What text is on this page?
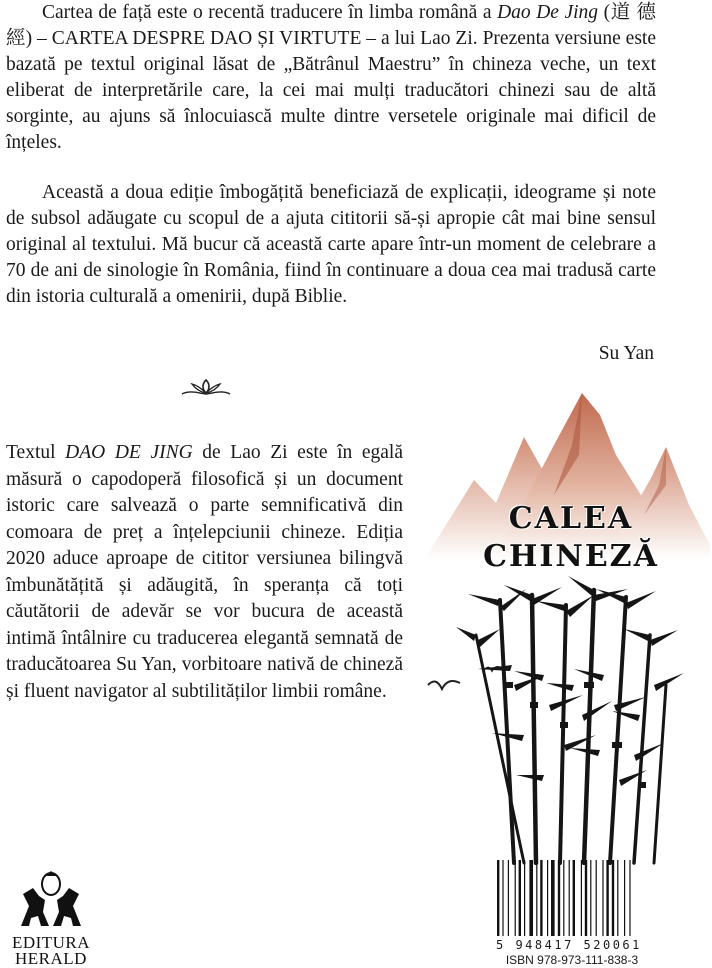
Cartea de față este o recentă traducere în limba română a Dao De Jing (道 德 經) – CARTEA DESPRE DAO ȘI VIRTUTE – a lui Lao Zi. Prezenta versiune este bazată pe textul original lăsat de „Bătrânul Maestru” în chineza veche, un text eliberat de interpretările care, la cei mai mulți traducători chinezi sau de altă sorginte, au ajuns să înlocuiască multe dintre versetele originale mai dificil de înțeles.

Această a doua ediție îmbogățită beneficiază de explicații, ideograme și note de subsol adăugate cu scopul de a ajuta cititorii să-și apropie cât mai bine sensul original al textului. Mă bucur că această carte apare într-un moment de celebrare a 70 de ani de sinologie în România, fiind în continuare a doua cea mai tradusă carte din istoria culturală a omenirii, după Biblie.

Su Yan

Textul DAO DE JING de Lao Zi este în egală măsură o capodoperă filosofică și un document istoric care salvează o parte semnificativă din comoara de preț a înțelepciunii chineze. Ediția 2020 aduce aproape de cititor versiunea bilingvă îmbunătățită și adăugită, în speranța că toți căutătorii de adevăr se vor bucura de această intimă întâlnire cu traducerea elegantă semnată de traducătoarea Su Yan, vorbitoare nativă de chineză și fluent navigator al subtilităților limbii române.

CALEA
CHINEZĂ
5 948417 520061
ISBN 978-973-111-838-3
EDITURA
HERALD
